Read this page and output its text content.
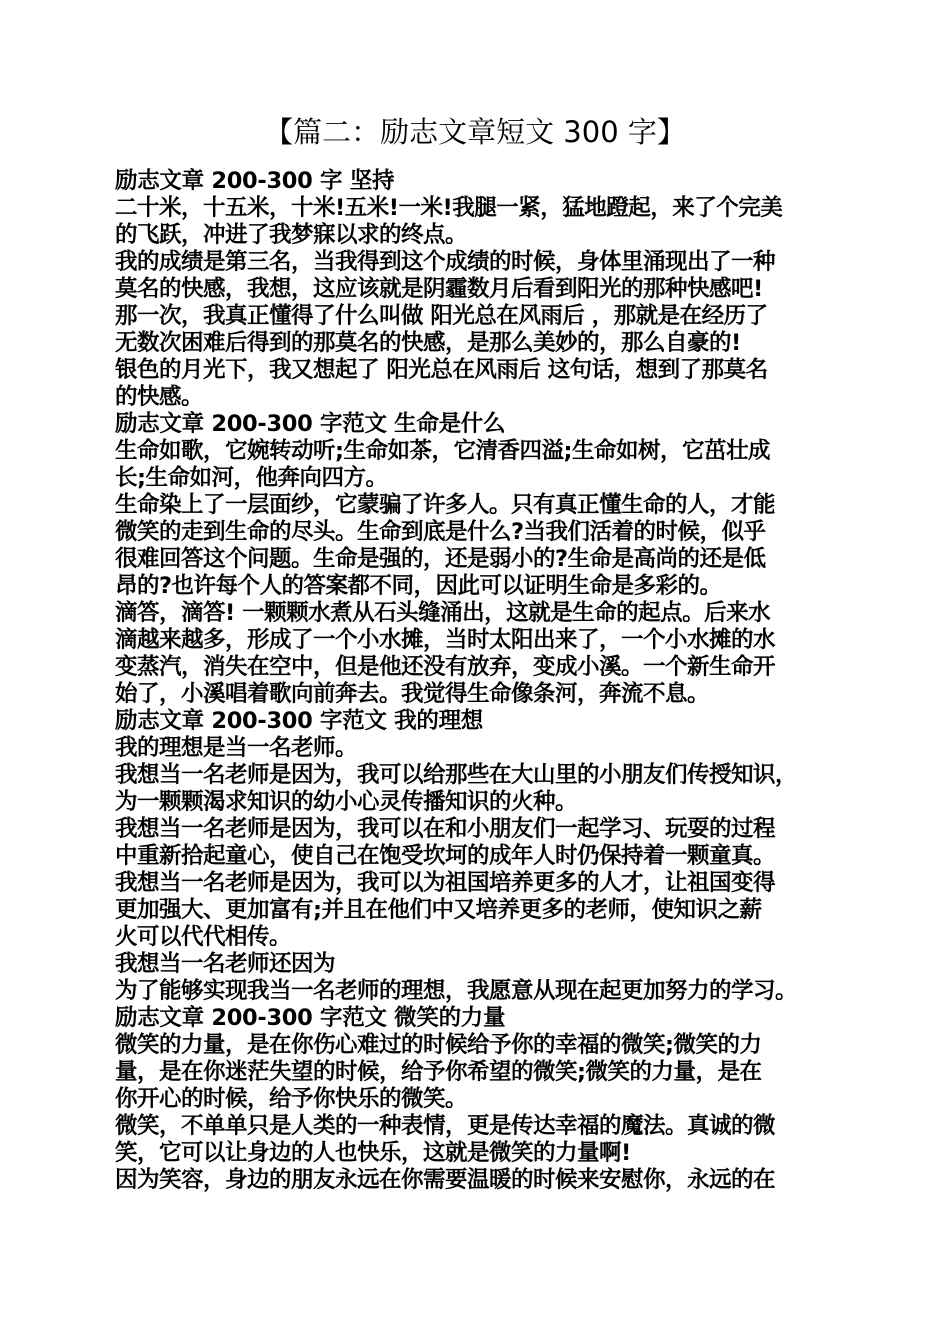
【篇二：励志文章短文 300 字】
励志文章 200-300 字 坚持
二十米，十五米，十米!五米!一米!我腿一紧，猛地蹬起，来了个完美
的飞跃，冲进了我梦寐以求的终点。
我的成绩是第三名，当我得到这个成绩的时候，身体里涌现出了一种
莫名的快感，我想，这应该就是阴霾数月后看到阳光的那种快感吧!
那一次，我真正懂得了什么叫做 阳光总在风雨后 ，那就是在经历了
无数次困难后得到的那莫名的快感，是那么美妙的，那么自豪的!
银色的月光下，我又想起了 阳光总在风雨后 这句话，想到了那莫名
的快感。
励志文章 200-300 字范文 生命是什么
生命如歌，它婉转动听;生命如茶，它清香四溢;生命如树，它茁壮成
长;生命如河，他奔向四方。
生命染上了一层面纱，它蒙骗了许多人。只有真正懂生命的人，才能
微笑的走到生命的尽头。生命到底是什么?当我们活着的时候，似乎
很难回答这个问题。生命是强的，还是弱小的?生命是高尚的还是低
昂的?也许每个人的答案都不同，因此可以证明生命是多彩的。
滴答，滴答! 一颗颗水煮从石头缝涌出，这就是生命的起点。后来水
滴越来越多，形成了一个小水摊，当时太阳出来了，一个小水摊的水
变蒸汽，消失在空中，但是他还没有放弃，变成小溪。一个新生命开
始了，小溪唱着歌向前奔去。我觉得生命像条河，奔流不息。
励志文章 200-300 字范文 我的理想
我的理想是当一名老师。
我想当一名老师是因为，我可以给那些在大山里的小朋友们传授知识，
为一颗颗渴求知识的幼小心灵传播知识的火种。
我想当一名老师是因为，我可以在和小朋友们一起学习、玩耍的过程
中重新拾起童心，使自己在饱受坎坷的成年人时仍保持着一颗童真。
我想当一名老师是因为，我可以为祖国培养更多的人才，让祖国变得
更加强大、更加富有;并且在他们中又培养更多的老师，使知识之薪
火可以代代相传。
我想当一名老师还因为
为了能够实现我当一名老师的理想，我愿意从现在起更加努力的学习。
励志文章 200-300 字范文 微笑的力量
微笑的力量，是在你伤心难过的时候给予你的幸福的微笑;微笑的力
量，是在你迷茫失望的时候，给予你希望的微笑;微笑的力量，是在
你开心的时候，给予你快乐的微笑。
微笑，不单单只是人类的一种表情，更是传达幸福的魔法。真诚的微
笑，它可以让身边的人也快乐，这就是微笑的力量啊!
因为笑容，身边的朋友永远在你需要温暖的时候来安慰你，永远的在
